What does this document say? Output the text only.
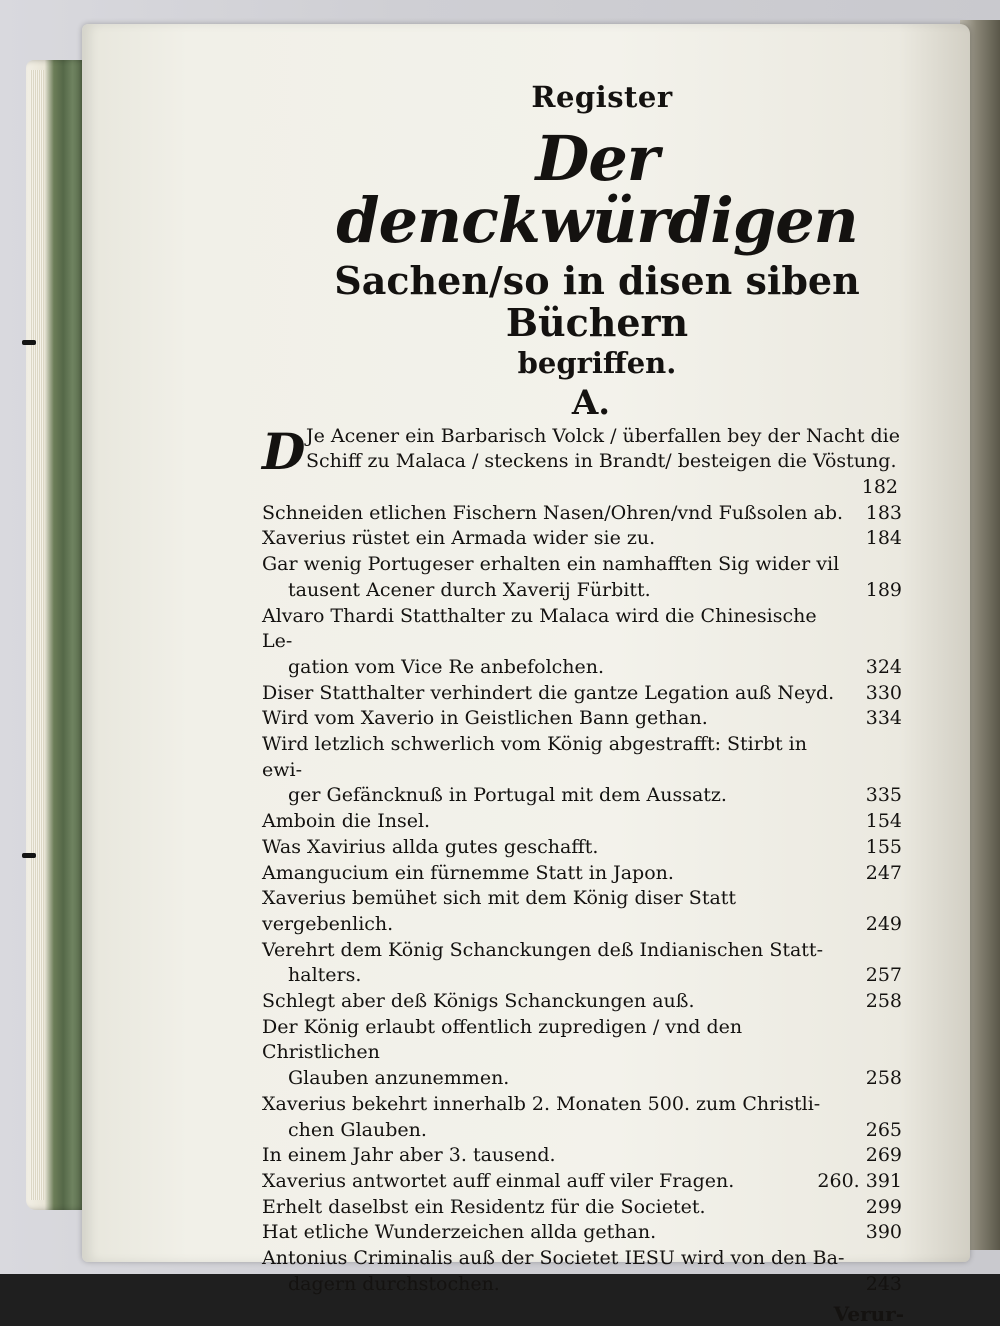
Register
Der denckwürdigen
Sachen/so in disen siben Büchern
begriffen.
A.
D Je Acener ein Barbarisch Volck / überfallen bey der Nacht die
Schiff zu Malaca / steckens in Brandt/ besteigen die Vöstung.
182
Schneiden etlichen Fischern Nasen/Ohren/vnd Fußsolen ab.	183
Xaverius rüstet ein Armada wider sie zu.	184
Gar wenig Portugeser erhalten ein namhafften Sig wider vil
tausent Acener durch Xaverij Fürbitt.	189
Alvaro Thardi Statthalter zu Malaca wird die Chinesische Le-
gation vom Vice Re anbefolchen.	324
Diser Statthalter verhindert die gantze Legation auß Neyd.	330
Wird vom Xaverio in Geistlichen Bann gethan.	334
Wird letzlich schwerlich vom König abgestrafft: Stirbt in ewi-
ger Gefäncknuß in Portugal mit dem Aussatz.	335
Amboin die Insel.	154
Was Xavirius allda gutes geschafft.	155
Amangucium ein fürnemme Statt in Japon.	247
Xaverius bemühet sich mit dem König diser Statt vergebenlich.	249
Verehrt dem König Schanckungen deß Indianischen Statt-
halters.	257
Schlegt aber deß Königs Schanckungen auß.	258
Der König erlaubt offentlich zupredigen / vnd den Christlichen
Glauben anzunemmen.	258
Xaverius bekehrt innerhalb 2. Monaten 500. zum Christli-
chen Glauben.	265
In einem Jahr aber 3. tausend.	269
Xaverius antwortet auff einmal auff viler Fragen.	260. 391
Erhelt daselbst ein Residentz für die Societet.	299
Hat etliche Wunderzeichen allda gethan.	390
Antonius Criminalis auß der Societet IESU wird von den Ba-
dagern durchstochen.	243
Verur-
